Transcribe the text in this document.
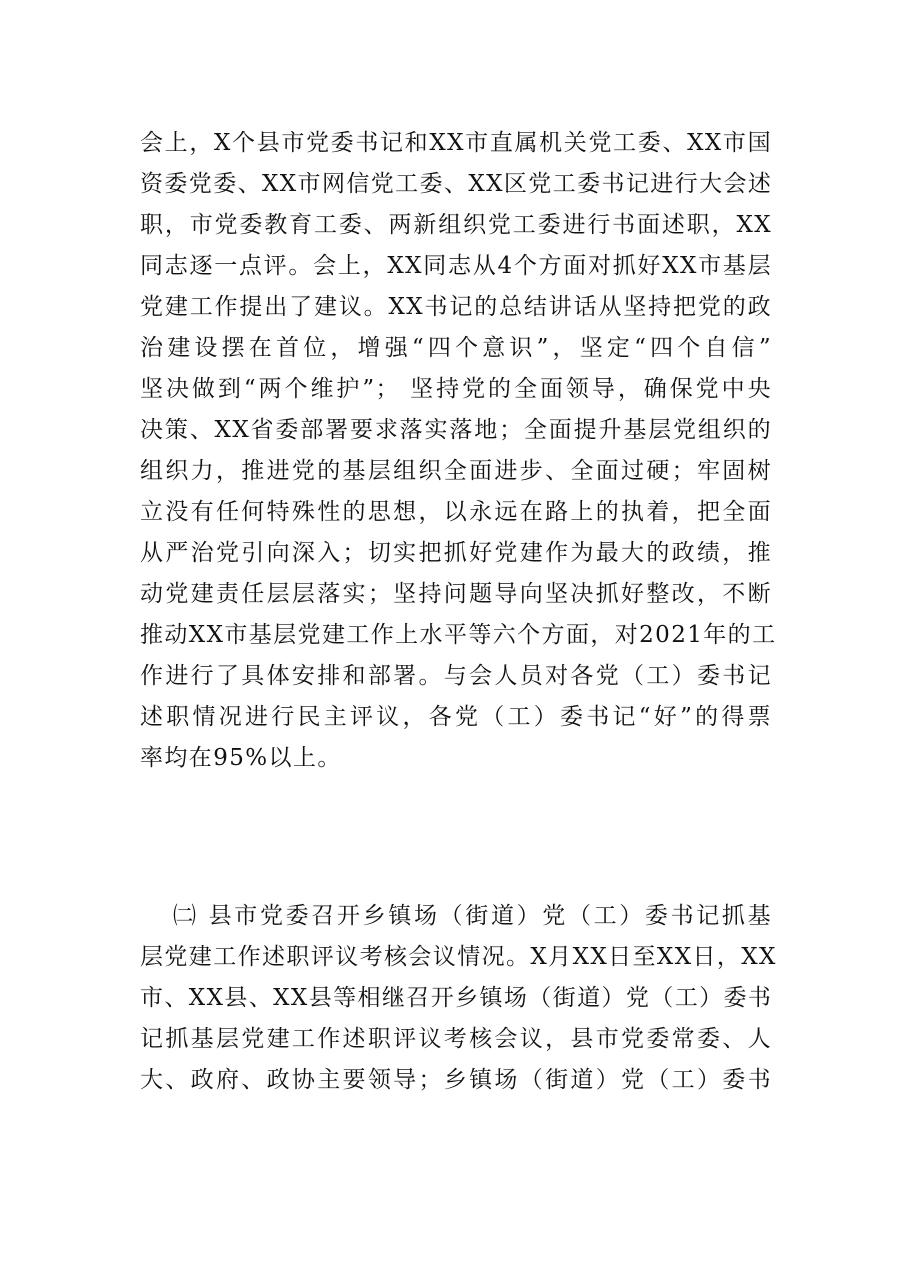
会上，X个县市党委书记和XX市直属机关党工委、XX市国
资委党委、XX市网信党工委、XX区党工委书记进行大会述
职，市党委教育工委、两新组织党工委进行书面述职，XX
同志逐一点评。会上，XX同志从4个方面对抓好XX市基层
党建工作提出了建议。XX书记的总结讲话从坚持把党的政
治建设摆在首位，增强“四个意识”，坚定“四个自信”
坚决做到“两个维护”； 坚持党的全面领导，确保党中央
决策、XX省委部署要求落实落地；全面提升基层党组织的
组织力，推进党的基层组织全面进步、全面过硬；牢固树
立没有任何特殊性的思想，以永远在路上的执着，把全面
从严治党引向深入；切实把抓好党建作为最大的政绩，推
动党建责任层层落实；坚持问题导向坚决抓好整改，不断
推动XX市基层党建工作上水平等六个方面，对2021年的工
作进行了具体安排和部署。与会人员对各党（工）委书记
述职情况进行民主评议，各党（工）委书记“好”的得票
率均在95%以上。
㈡ 县市党委召开乡镇场（街道）党（工）委书记抓基
层党建工作述职评议考核会议情况。X月XX日至XX日，XX
市、XX县、XX县等相继召开乡镇场（街道）党（工）委书
记抓基层党建工作述职评议考核会议，县市党委常委、人
大、政府、政协主要领导；乡镇场（街道）党（工）委书
